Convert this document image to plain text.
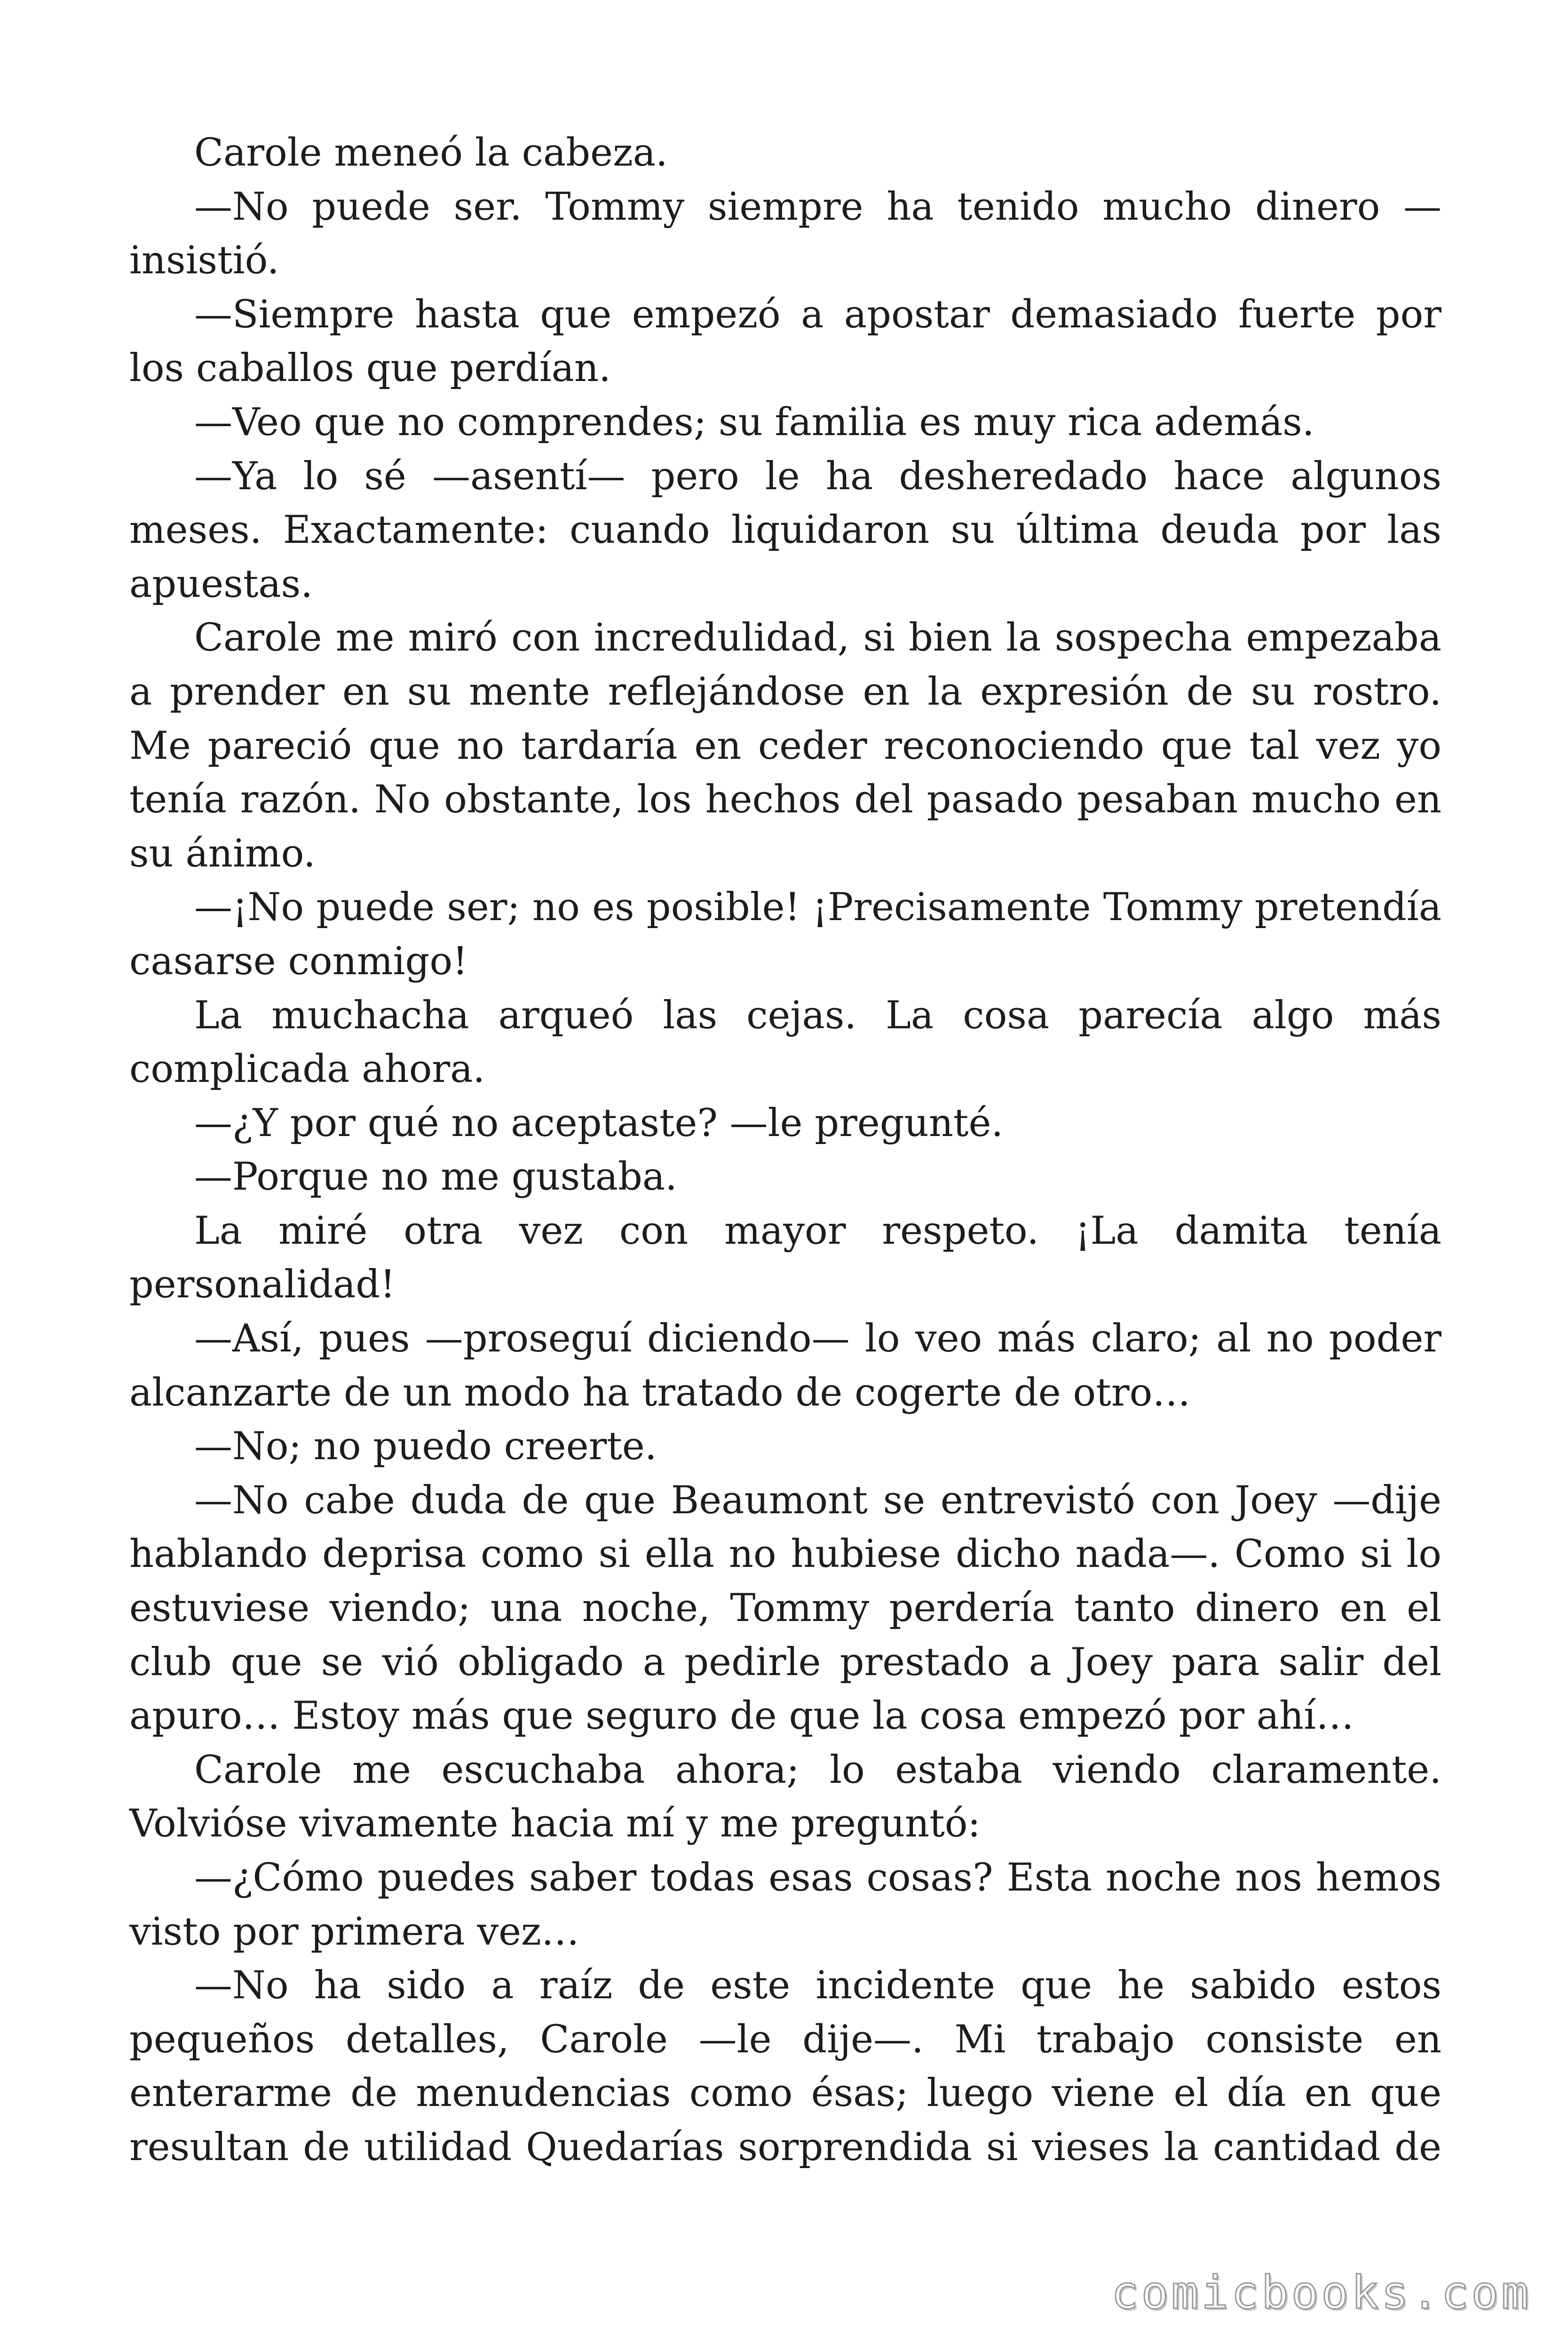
Carole meneó la cabeza.

—No puede ser. Tommy siempre ha tenido mucho dinero —insistió.

—Siempre hasta que empezó a apostar demasiado fuerte por los caballos que perdían.

—Veo que no comprendes; su familia es muy rica además.

—Ya lo sé —asentí— pero le ha desheredado hace algunos meses. Exactamente: cuando liquidaron su última deuda por las apuestas.

Carole me miró con incredulidad, si bien la sospecha empezaba a prender en su mente reflejándose en la expresión de su rostro. Me pareció que no tardaría en ceder reconociendo que tal vez yo tenía razón. No obstante, los hechos del pasado pesaban mucho en su ánimo.

—¡No puede ser; no es posible! ¡Precisamente Tommy pretendía casarse conmigo!

La muchacha arqueó las cejas. La cosa parecía algo más complicada ahora.

—¿Y por qué no aceptaste? —le pregunté.

—Porque no me gustaba.

La miré otra vez con mayor respeto. ¡La damita tenía personalidad!

—Así, pues —proseguí diciendo— lo veo más claro; al no poder alcanzarte de un modo ha tratado de cogerte de otro…

—No; no puedo creerte.

—No cabe duda de que Beaumont se entrevistó con Joey —dije hablando deprisa como si ella no hubiese dicho nada—. Como si lo estuviese viendo; una noche, Tommy perdería tanto dinero en el club que se vió obligado a pedirle prestado a Joey para salir del apuro… Estoy más que seguro de que la cosa empezó por ahí…

Carole me escuchaba ahora; lo estaba viendo claramente. Volvióse vivamente hacia mí y me preguntó:

—¿Cómo puedes saber todas esas cosas? Esta noche nos hemos visto por primera vez…

—No ha sido a raíz de este incidente que he sabido estos pequeños detalles, Carole —le dije—. Mi trabajo consiste en enterarme de menudencias como ésas; luego viene el día en que resultan de utilidad Quedarías sorprendida si vieses la cantidad de

comicbooks.com
